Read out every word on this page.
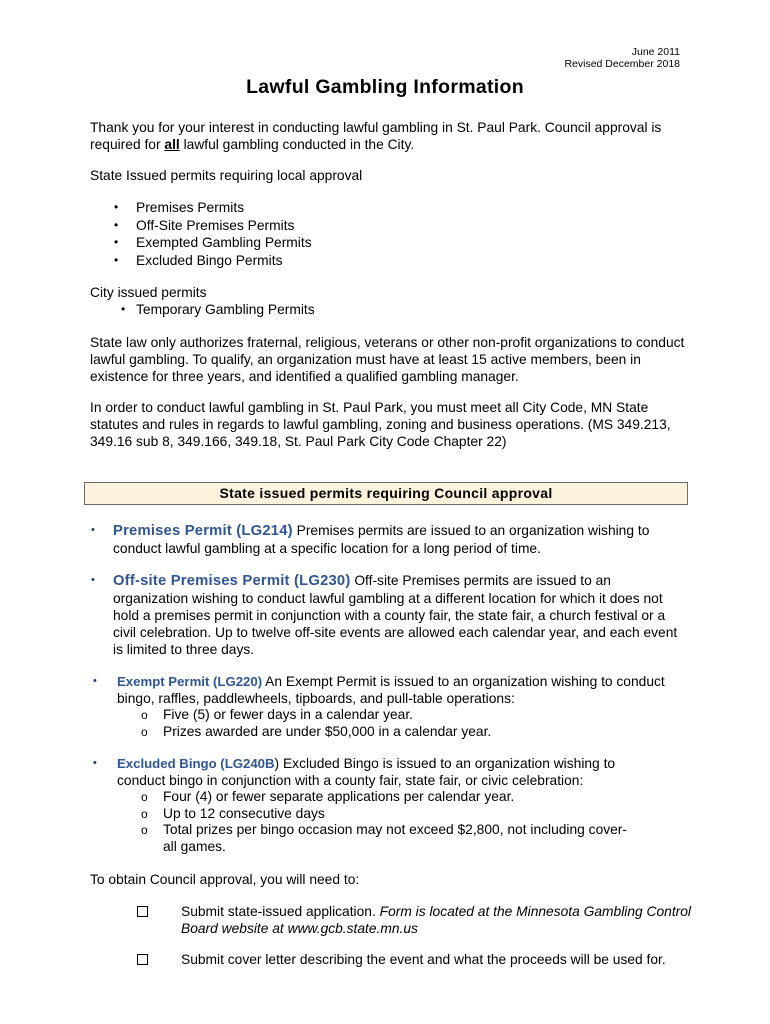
June 2011
Revised December 2018
Lawful Gambling Information
Thank you for your interest in conducting lawful gambling in St. Paul Park. Council approval is required for all lawful gambling conducted in the City.
State Issued permits requiring local approval
• Premises Permits
• Off-Site Premises Permits
• Exempted Gambling Permits
• Excluded Bingo Permits
City issued permits
• Temporary Gambling Permits
State law only authorizes fraternal, religious, veterans or other non-profit organizations to conduct lawful gambling. To qualify, an organization must have at least 15 active members, been in existence for three years, and identified a qualified gambling manager.
In order to conduct lawful gambling in St. Paul Park, you must meet all City Code, MN State statutes and rules in regards to lawful gambling, zoning and business operations. (MS 349.213, 349.16 sub 8, 349.166, 349.18, St. Paul Park City Code Chapter 22)
State issued permits requiring Council approval
• Premises Permit (LG214) Premises permits are issued to an organization wishing to conduct lawful gambling at a specific location for a long period of time.
• Off-site Premises Permit (LG230) Off-site Premises permits are issued to an organization wishing to conduct lawful gambling at a different location for which it does not hold a premises permit in conjunction with a county fair, the state fair, a church festival or a civil celebration. Up to twelve off-site events are allowed each calendar year, and each event is limited to three days.
• Exempt Permit (LG220) An Exempt Permit is issued to an organization wishing to conduct bingo, raffles, paddlewheels, tipboards, and pull-table operations:
o Five (5) or fewer days in a calendar year.
o Prizes awarded are under $50,000 in a calendar year.
• Excluded Bingo (LG240B) Excluded Bingo is issued to an organization wishing to conduct bingo in conjunction with a county fair, state fair, or civic celebration:
o Four (4) or fewer separate applications per calendar year.
o Up to 12 consecutive days
o Total prizes per bingo occasion may not exceed $2,800, not including cover-all games.
To obtain Council approval, you will need to:
Submit state-issued application. Form is located at the Minnesota Gambling Control Board website at www.gcb.state.mn.us
Submit cover letter describing the event and what the proceeds will be used for.
